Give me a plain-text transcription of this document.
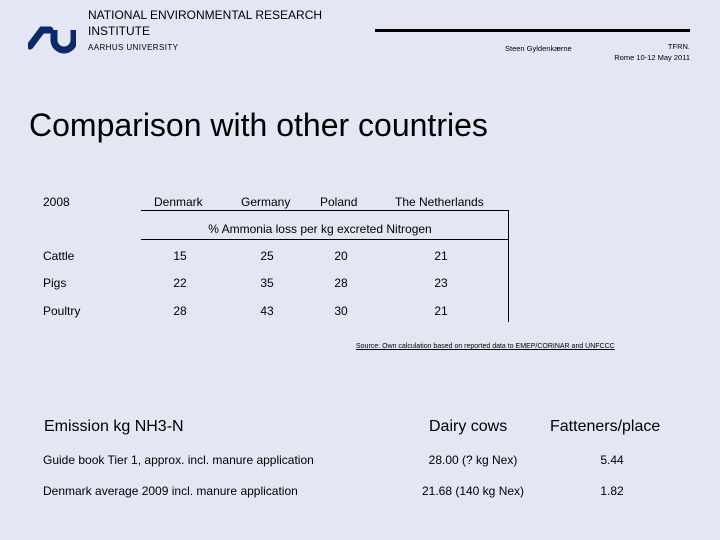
NATIONAL ENVIRONMENTAL RESEARCH INSTITUTE
AARHUS UNIVERSITY	Steen Gyldenkærne	TFRN.
Rome 10-12 May 2011
Comparison with other countries
2008	Denmark	Germany Poland	The Netherlands
% Ammonia loss per kg excreted Nitrogen
Cattle	15	25	20	21
Pigs	22	35	28	23
Poultry	28	43	30	21
Source: Own calculation based on reported data to EMEP/CORINAR and UNFCCC
Emission kg NH3-N	Dairy cows	Fatteners/place
Guide book Tier 1, approx. incl. manure application	28.00 (? kg Nex)	5.44
Denmark average 2009 incl. manure application	21.68 (140 kg Nex)	1.82
